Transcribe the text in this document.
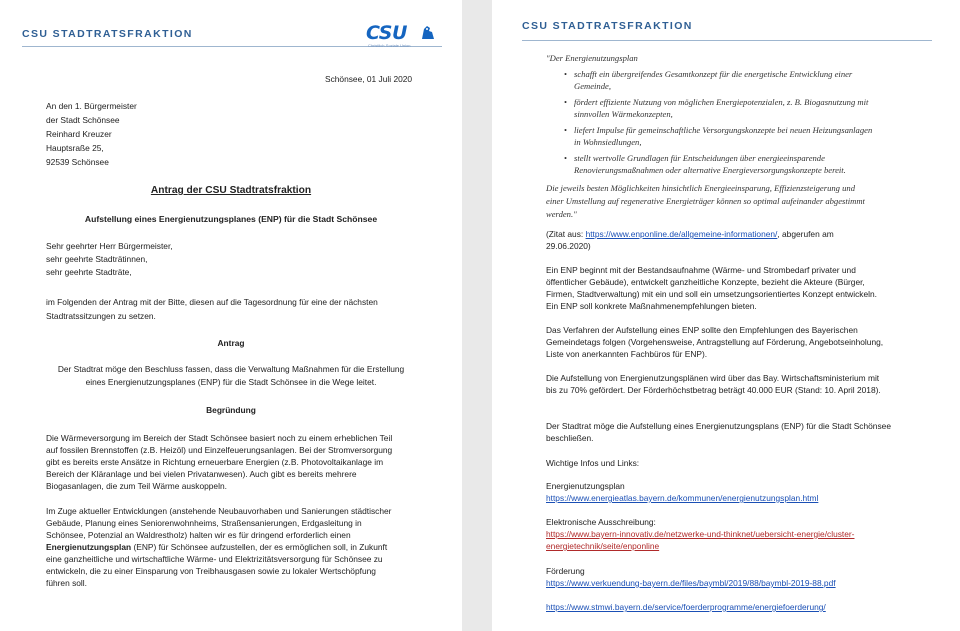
CSU STADTRATSFRAKTION	CSU
Christlich-Soziale Union
Schönsee, 01 Juli 2020
An den 1. Bürgermeister
der Stadt Schönsee
Reinhard Kreuzer
Hauptsraße 25,
92539 Schönsee
Antrag der CSU Stadtratsfraktion
Aufstellung eines Energienutzungsplanes (ENP) für die Stadt Schönsee
Sehr geehrter Herr Bürgermeister,
sehr geehrte Stadträtinnen,
sehr geehrte Stadträte,
im Folgenden der Antrag mit der Bitte, diesen auf die Tagesordnung für eine der nächsten
Stadtratssitzungen zu setzen.
Antrag
Der Stadtrat möge den Beschluss fassen, dass die Verwaltung Maßnahmen für die Erstellung
eines Energienutzungsplanes (ENP) für die Stadt Schönsee in die Wege leitet.
Begründung
Die Wärmeversorgung im Bereich der Stadt Schönsee basiert noch zu einem erheblichen Teil
auf fossilen Brennstoffen (z.B. Heizöl) und Einzelfeuerungsanlagen. Bei der Stromversorgung
gibt es bereits erste Ansätze in Richtung erneuerbare Energien (z.B. Photovoltaikanlage im
Bereich der Kläranlage und bei vielen Privatanwesen). Auch gibt es bereits mehrere
Biogasanlagen, die zum Teil Wärme auskoppeln.
Im Zuge aktueller Entwicklungen (anstehende Neubauvorhaben und Sanierungen städtischer
Gebäude, Planung eines Seniorenwohnheims, Straßensanierungen, Erdgasleitung in
Schönsee, Potenzial an Waldrestholz) halten wir es für dringend erforderlich einen
Energienutzungsplan (ENP) für Schönsee aufzustellen, der es ermöglichen soll, in Zukunft
eine ganzheitliche und wirtschaftliche Wärme- und Elektrizitätsversorgung für Schönsee zu
entwickeln, die zu einer Einsparung von Treibhausgasen sowie zu lokaler Wertschöpfung
führen soll.
CSU STADTRATSFRAKTION
"Der Energienutzungsplan
• schafft ein übergreifendes Gesamtkonzept für die energetische Entwicklung einer
Gemeinde,
• fördert effiziente Nutzung von möglichen Energiepotenzialen, z. B. Biogasnutzung mit
sinnvollen Wärmekonzepten,
• liefert Impulse für gemeinschaftliche Versorgungskonzepte bei neuen Heizungsanlagen
in Wohnsiedlungen,
• stellt wertvolle Grundlagen für Entscheidungen über energieeinsparende
Renovierungsmaßnahmen oder alternative Energieversorgungskonzepte bereit.
Die jeweils besten Möglichkeiten hinsichtlich Energieeinsparung, Effizienzsteigerung und
einer Umstellung auf regenerative Energieträger können so optimal aufeinander abgestimmt
werden."
(Zitat aus: https://www.enponline.de/allgemeine-informationen/, abgerufen am
29.06.2020)
Ein ENP beginnt mit der Bestandsaufnahme (Wärme- und Strombedarf privater und
öffentlicher Gebäude), entwickelt ganzheitliche Konzepte, bezieht die Akteure (Bürger,
Firmen, Stadtverwaltung) mit ein und soll ein umsetzungsorientiertes Konzept entwickeln.
Ein ENP soll konkrete Maßnahmenempfehlungen bieten.
Das Verfahren der Aufstellung eines ENP sollte den Empfehlungen des Bayerischen
Gemeindetags folgen (Vorgehensweise, Antragstellung auf Förderung, Angebotseinholung,
Liste von anerkannten Fachbüros für ENP).
Die Aufstellung von Energienutzungsplänen wird über das Bay. Wirtschaftsministerium mit
bis zu 70% gefördert. Der Förderhöchstbetrag beträgt 40.000 EUR (Stand: 10. April 2018).
Der Stadtrat möge die Aufstellung eines Energienutzungsplans (ENP) für die Stadt Schönsee
beschließen.
Wichtige Infos und Links:
Energienutzungsplan
https://www.energieatlas.bayern.de/kommunen/energienutzungsplan.html
Elektronische Ausschreibung:
https://www.bayern-innovativ.de/netzwerke-und-thinknet/uebersicht-energie/cluster-
energietechnik/seite/enponline
Förderung
https://www.verkuendung-bayern.de/files/baymbl/2019/88/baymbl-2019-88.pdf
https://www.stmwi.bayern.de/service/foerderprogramme/energiefoerderung/
